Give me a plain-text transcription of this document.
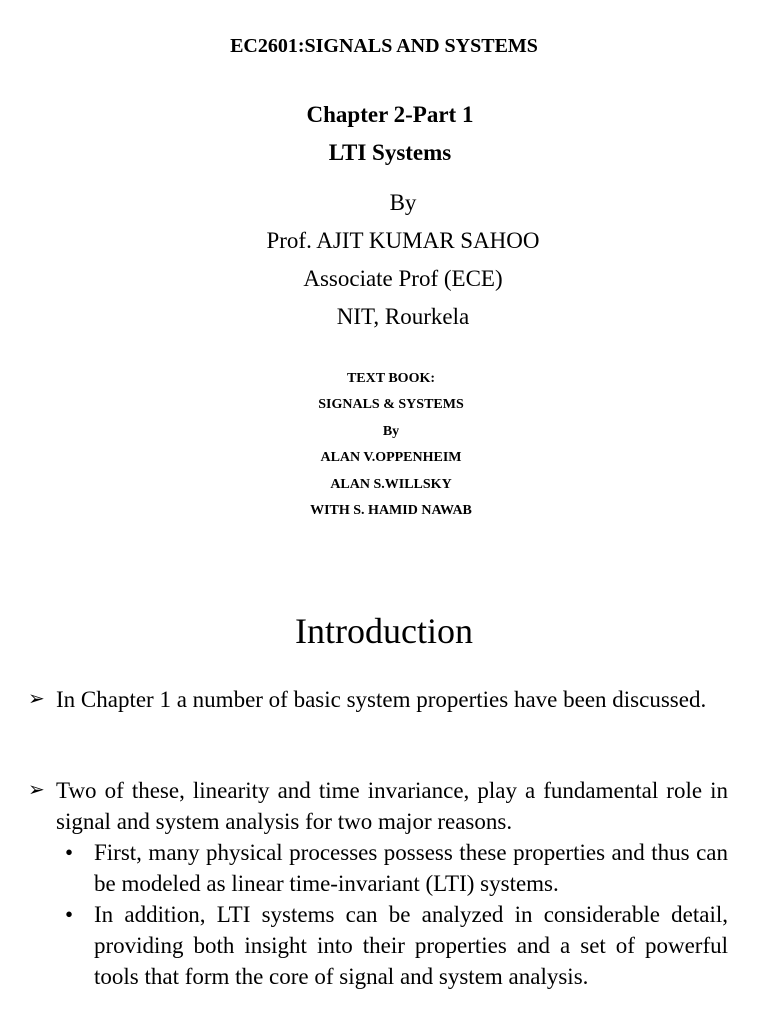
EC2601:SIGNALS AND SYSTEMS
Chapter 2-Part 1
LTI Systems
By
Prof. AJIT KUMAR SAHOO
Associate Prof (ECE)
NIT, Rourkela
TEXT BOOK:
SIGNALS & SYSTEMS
By
ALAN V.OPPENHEIM
ALAN S.WILLSKY
WITH S. HAMID NAWAB
Introduction
➢ In Chapter 1 a number of basic system properties have been discussed.
➢ Two of these, linearity and time invariance, play a fundamental role in signal and system analysis for two major reasons.
• First, many physical processes possess these properties and thus can be modeled as linear time-invariant (LTI) systems.
• In addition, LTI systems can be analyzed in considerable detail, providing both insight into their properties and a set of powerful tools that form the core of signal and system analysis.
